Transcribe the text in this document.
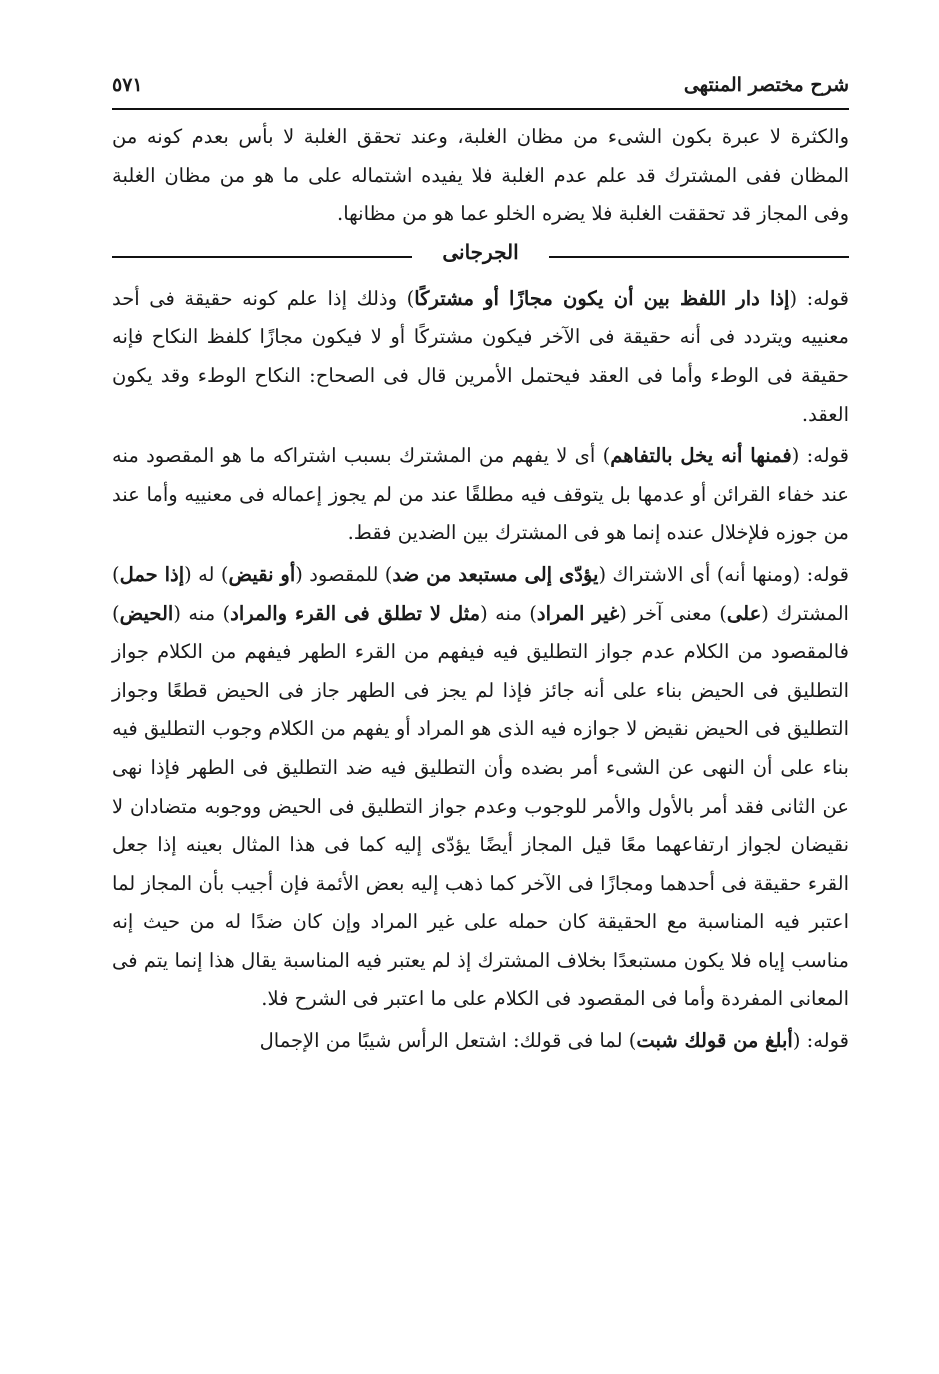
شرح مختصر المنتهى
٥٧١

والكثرة لا عبرة بكون الشىء من مظان الغلبة، وعند تحقق الغلبة لا بأس بعدم كونه من المظان ففى المشترك قد علم عدم الغلبة فلا يفيده اشتماله على ما هو من مظان الغلبة وفى المجاز قد تحققت الغلبة فلا يضره الخلو عما هو من مظانها.

الجرجانى

قوله: (إذا دار اللفظ بين أن يكون مجازًا أو مشتركًا) وذلك إذا علم كونه حقيقة فى أحد معنييه ويتردد فى أنه حقيقة فى الآخر فيكون مشتركًا أو لا فيكون مجازًا كلفظ النكاح فإنه حقيقة فى الوطء وأما فى العقد فيحتمل الأمرين قال فى الصحاح: النكاح الوطء وقد يكون العقد.

قوله: (فمنها أنه يخل بالتفاهم) أى لا يفهم من المشترك بسبب اشتراكه ما هو المقصود منه عند خفاء القرائن أو عدمها بل يتوقف فيه مطلقًا عند من لم يجوز إعماله فى معنييه وأما عند من جوزه فلإخلال عنده إنما هو فى المشترك بين الضدين فقط.

قوله: (ومنها أنه) أى الاشتراك (يؤدّى إلى مستبعد من ضد) للمقصود (أو نقيض) له (إذا حمل) المشترك (على) معنى آخر (غير المراد) منه (مثل لا تطلق فى القرء والمراد) منه (الحيض) فالمقصود من الكلام عدم جواز التطليق فيه فيفهم من القرء الطهر فيفهم من الكلام جواز التطليق فى الحيض بناء على أنه جائز فإذا لم يجز فى الطهر جاز فى الحيض قطعًا وجواز التطليق فى الحيض نقيض لا جوازه فيه الذى هو المراد أو يفهم من الكلام وجوب التطليق فيه بناء على أن النهى عن الشىء أمر بضده وأن التطليق فيه ضد التطليق فى الطهر فإذا نهى عن الثانى فقد أمر بالأول والأمر للوجوب وعدم جواز التطليق فى الحيض ووجوبه متضادان لا نقيضان لجواز ارتفاعهما معًا قيل المجاز أيضًا يؤدّى إليه كما فى هذا المثال بعينه إذا جعل القرء حقيقة فى أحدهما ومجازًا فى الآخر كما ذهب إليه بعض الأئمة فإن أجيب بأن المجاز لما اعتبر فيه المناسبة مع الحقيقة كان حمله على غير المراد وإن كان ضدًا له من حيث إنه مناسب إياه فلا يكون مستبعدًا بخلاف المشترك إذ لم يعتبر فيه المناسبة يقال هذا إنما يتم فى المعانى المفردة وأما فى المقصود فى الكلام على ما اعتبر فى الشرح فلا.

قوله: (أبلغ من قولك شبت) لما فى قولك: اشتعل الرأس شيبًا من الإجمال
